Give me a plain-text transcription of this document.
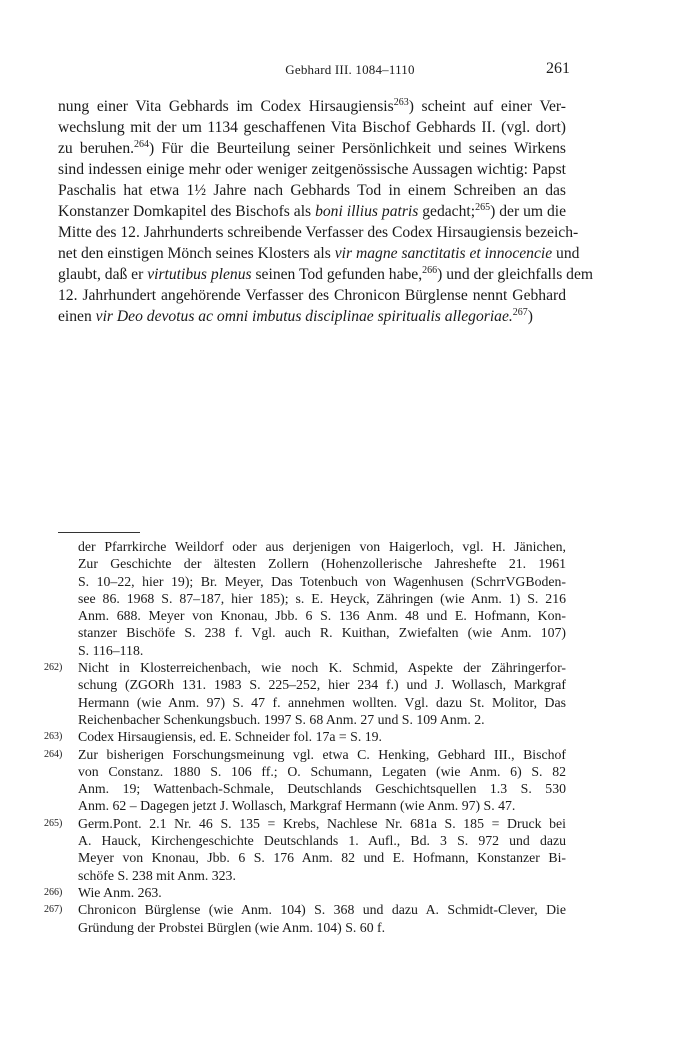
Gebhard III. 1084–1110	261
nung einer Vita Gebhards im Codex Hirsaugiensis$^{263}$) scheint auf einer Ver-
wechslung mit der um 1134 geschaffenen Vita Bischof Gebhards II. (vgl. dort)
zu beruhen.$^{264}$) Für die Beurteilung seiner Persönlichkeit und seines Wirkens
sind indessen einige mehr oder weniger zeitgenössische Aussagen wichtig: Papst
Paschalis hat etwa 1½ Jahre nach Gebhards Tod in einem Schreiben an das
Konstanzer Domkapitel des Bischofs als boni illius patris gedacht;$^{265}$) der um die
Mitte des 12. Jahrhunderts schreibende Verfasser des Codex Hirsaugiensis bezeich-
net den einstigen Mönch seines Klosters als vir magne sanctitatis et innocencie und
glaubt, daß er virtutibus plenus seinen Tod gefunden habe,$^{266}$) und der gleichfalls dem
12. Jahrhundert angehörende Verfasser des Chronicon Bürglense nennt Gebhard
einen vir Deo devotus ac omni imbutus disciplinae spiritualis allegoriae.$^{267}$)
der Pfarrkirche Weildorf oder aus derjenigen von Haigerloch, vgl. H. Jänichen,
Zur Geschichte der ältesten Zollern (Hohenzollerische Jahreshefte 21. 1961
S. 10–22, hier 19); Br. Meyer, Das Totenbuch von Wagenhusen (SchrrVGBoden-
see 86. 1968 S. 87–187, hier 185); s. E. Heyck, Zähringen (wie Anm. 1) S. 216
Anm. 688. Meyer von Knonau, Jbb. 6 S. 136 Anm. 48 und E. Hofmann, Kon-
stanzer Bischöfe S. 238 f. Vgl. auch R. Kuithan, Zwiefalten (wie Anm. 107)
S. 116–118.
262) Nicht in Klosterreichenbach, wie noch K. Schmid, Aspekte der Zähringerfor-
schung (ZGORh 131. 1983 S. 225–252, hier 234 f.) und J. Wollasch, Markgraf
Hermann (wie Anm. 97) S. 47 f. annehmen wollten. Vgl. dazu St. Molitor, Das
Reichenbacher Schenkungsbuch. 1997 S. 68 Anm. 27 und S. 109 Anm. 2.
263) Codex Hirsaugiensis, ed. E. Schneider fol. 17a = S. 19.
264) Zur bisherigen Forschungsmeinung vgl. etwa C. Henking, Gebhard III., Bischof
von Constanz. 1880 S. 106 ff.; O. Schumann, Legaten (wie Anm. 6) S. 82
Anm. 19; Wattenbach-Schmale, Deutschlands Geschichtsquellen 1.3 S. 530
Anm. 62 – Dagegen jetzt J. Wollasch, Markgraf Hermann (wie Anm. 97) S. 47.
265) Germ.Pont. 2.1 Nr. 46 S. 135 = Krebs, Nachlese Nr. 681a S. 185 = Druck bei
A. Hauck, Kirchengeschichte Deutschlands 1. Aufl., Bd. 3 S. 972 und dazu
Meyer von Knonau, Jbb. 6 S. 176 Anm. 82 und E. Hofmann, Konstanzer Bi-
schöfe S. 238 mit Anm. 323.
266) Wie Anm. 263.
267) Chronicon Bürglense (wie Anm. 104) S. 368 und dazu A. Schmidt-Clever, Die
Gründung der Probstei Bürglen (wie Anm. 104) S. 60 f.
